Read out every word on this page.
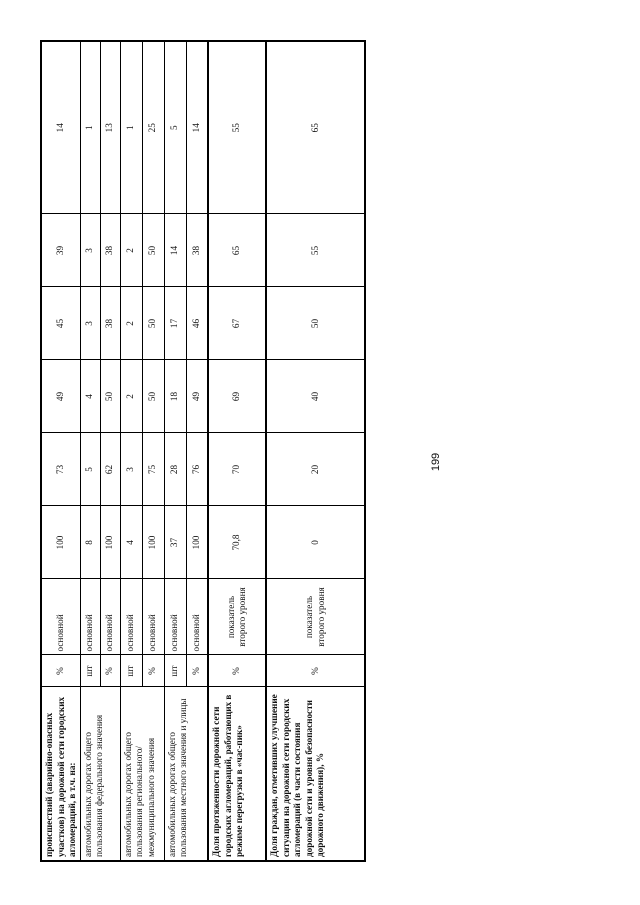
199
происшествий (аварийно-опасных участков) на дорожной сети городских агломераций, в т.ч. на:	%	основной	100	73	49	45	39	14
автомобильных дорогах общего пользования федерального значения	шт	основной	8	5	4	3	3	1
	%	основной	100	62	50	38	38	13
автомобильных дорогах общего пользования регионального/ межмуниципального значения	шт	основной	4	3	2	2	2	1
	%	основной	100	75	50	50	50	25
автомобильных дорогах общего пользования местного значения и улицы	шт	основной	37	28	18	17	14	5
	%	основной	100	76	49	46	38	14
Доля протяженности дорожной сети городских агломераций, работающих в режиме перегрузки в «час-пик»	%	показатель второго уровня	70,8	70	69	67	65	55
Доля граждан, отметивших улучшение ситуации на дорожной сети городских агломераций (в части состояния дорожной сети и уровня безопасности дорожного движения), %	%	показатель второго уровня	0	20	40	50	55	65
